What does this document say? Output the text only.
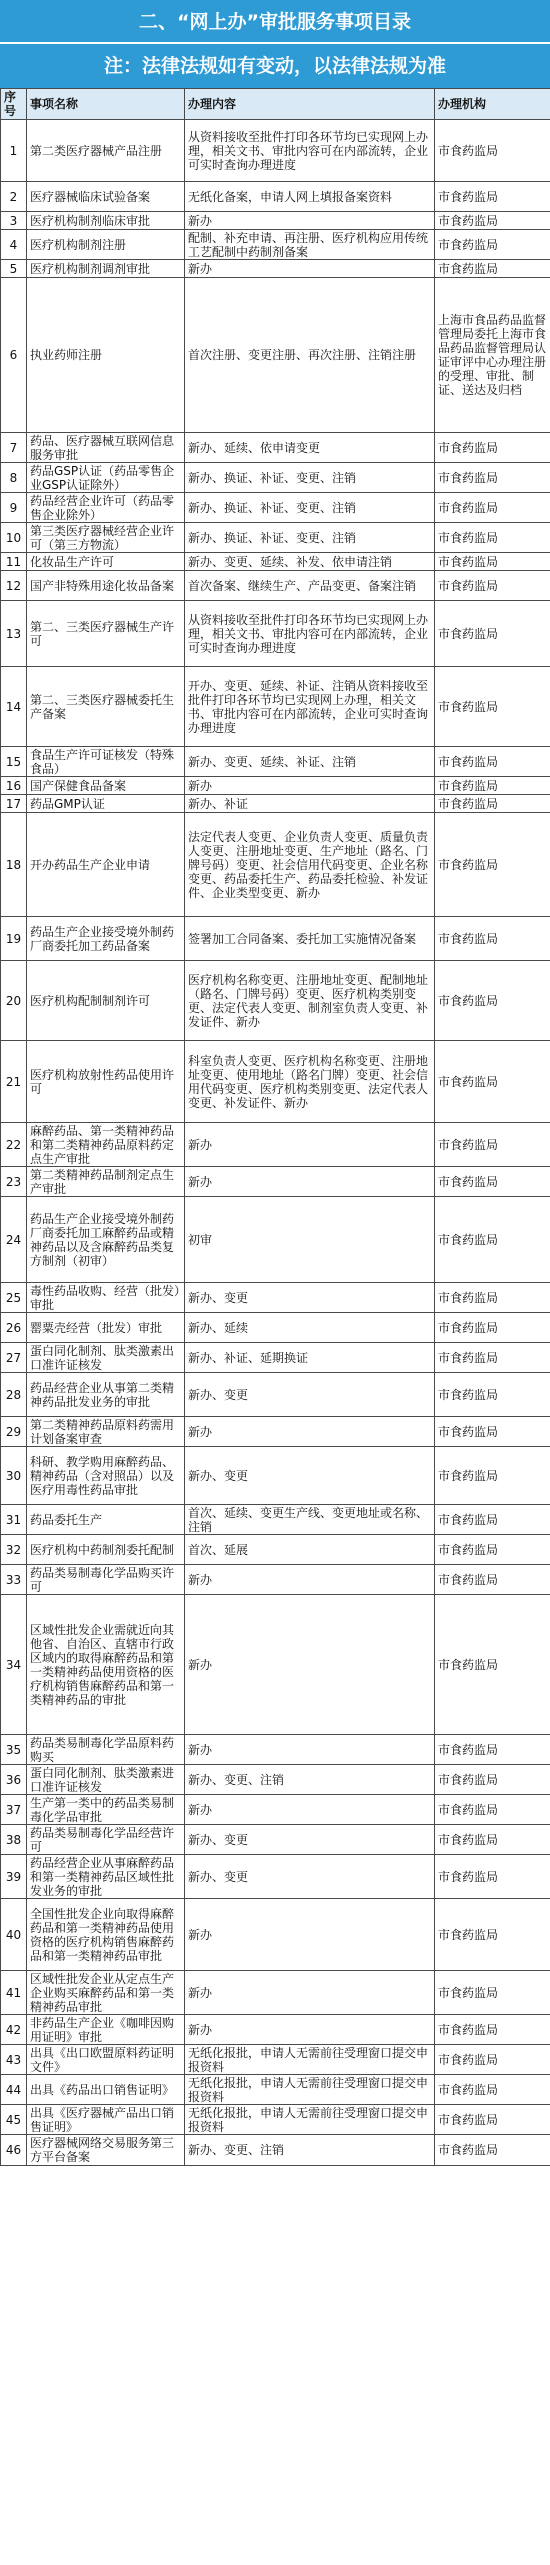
二、“网上办”审批服务事项目录
注：法律法规如有变动，以法律法规为准
序号	事项名称	办理内容	办理机构
1	第二类医疗器械产品注册	从资料接收至批件打印各环节均已实现网上办理，相关文书、审批内容可在内部流转，企业可实时查询办理进度	市食药监局
2	医疗器械临床试验备案	无纸化备案，申请人网上填报备案资料	市食药监局
3	医疗机构制剂临床审批	新办	市食药监局
4	医疗机构制剂注册	配制、补充申请、再注册、医疗机构应用传统工艺配制中药制剂备案	市食药监局
5	医疗机构制剂调剂审批	新办	市食药监局
6	执业药师注册	首次注册、变更注册、再次注册、注销注册	上海市食品药品监督管理局委托上海市食品药品监督管理局认证审评中心办理注册的受理、审批、制证、送达及归档
7	药品、医疗器械互联网信息服务审批	新办、延续、依申请变更	市食药监局
8	药品GSP认证（药品零售企业GSP认证除外）	新办、换证、补证、变更、注销	市食药监局
9	药品经营企业许可（药品零售企业除外）	新办、换证、补证、变更、注销	市食药监局
10	第三类医疗器械经营企业许可（第三方物流）	新办、换证、补证、变更、注销	市食药监局
11	化妆品生产许可	新办、变更、延续、补发、依申请注销	市食药监局
12	国产非特殊用途化妆品备案	首次备案、继续生产、产品变更、备案注销	市食药监局
13	第二、三类医疗器械生产许可	从资料接收至批件打印各环节均已实现网上办理，相关文书、审批内容可在内部流转，企业可实时查询办理进度	市食药监局
14	第二、三类医疗器械委托生产备案	开办、变更、延续、补证、注销从资料接收至批件打印各环节均已实现网上办理，相关文书、审批内容可在内部流转，企业可实时查询办理进度	市食药监局
15	食品生产许可证核发（特殊食品）	新办、变更、延续、补证、注销	市食药监局
16	国产保健食品备案	新办	市食药监局
17	药品GMP认证	新办、补证	市食药监局
18	开办药品生产企业申请	法定代表人变更、企业负责人变更、质量负责人变更、注册地址变更、生产地址（路名、门牌号码）变更、社会信用代码变更、企业名称变更、药品委托生产、药品委托检验、补发证件、企业类型变更、新办	市食药监局
19	药品生产企业接受境外制药厂商委托加工药品备案	签署加工合同备案、委托加工实施情况备案	市食药监局
20	医疗机构配制制剂许可	医疗机构名称变更、注册地址变更、配制地址（路名、门牌号码）变更、医疗机构类别变更、法定代表人变更、制剂室负责人变更、补发证件、新办	市食药监局
21	医疗机构放射性药品使用许可	科室负责人变更、医疗机构名称变更、注册地址变更、使用地址（路名门牌）变更、社会信用代码变更、医疗机构类别变更、法定代表人变更、补发证件、新办	市食药监局
22	麻醉药品、第一类精神药品和第二类精神药品原料药定点生产审批	新办	市食药监局
23	第二类精神药品制剂定点生产审批	新办	市食药监局
24	药品生产企业接受境外制药厂商委托加工麻醉药品或精神药品以及含麻醉药品类复方制剂（初审）	初审	市食药监局
25	毒性药品收购、经营（批发）审批	新办、变更	市食药监局
26	罂粟壳经营（批发）审批	新办、延续	市食药监局
27	蛋白同化制剂、肽类激素出口准许证核发	新办、补证、延期换证	市食药监局
28	药品经营企业从事第二类精神药品批发业务的审批	新办、变更	市食药监局
29	第二类精神药品原料药需用计划备案审查	新办	市食药监局
30	科研、教学购用麻醉药品、精神药品（含对照品）以及医疗用毒性药品审批	新办、变更	市食药监局
31	药品委托生产	首次、延续、变更生产线、变更地址或名称、注销	市食药监局
32	医疗机构中药制剂委托配制	首次、延展	市食药监局
33	药品类易制毒化学品购买许可	新办	市食药监局
34	区域性批发企业需就近向其他省、自治区、直辖市行政区域内的取得麻醉药品和第一类精神药品使用资格的医疗机构销售麻醉药品和第一类精神药品的审批	新办	市食药监局
35	药品类易制毒化学品原料药购买	新办	市食药监局
36	蛋白同化制剂、肽类激素进口准许证核发	新办、变更、注销	市食药监局
37	生产第一类中的药品类易制毒化学品审批	新办	市食药监局
38	药品类易制毒化学品经营许可	新办、变更	市食药监局
39	药品经营企业从事麻醉药品和第一类精神药品区域性批发业务的审批	新办、变更	市食药监局
40	全国性批发企业向取得麻醉药品和第一类精神药品使用资格的医疗机构销售麻醉药品和第一类精神药品审批	新办	市食药监局
41	区域性批发企业从定点生产企业购买麻醉药品和第一类精神药品审批	新办	市食药监局
42	非药品生产企业《咖啡因购用证明》审批	新办	市食药监局
43	出具《出口欧盟原料药证明文件》	无纸化报批，申请人无需前往受理窗口提交申报资料	市食药监局
44	出具《药品出口销售证明》	无纸化报批，申请人无需前往受理窗口提交申报资料	市食药监局
45	出具《医疗器械产品出口销售证明》	无纸化报批，申请人无需前往受理窗口提交申报资料	市食药监局
46	医疗器械网络交易服务第三方平台备案	新办、变更、注销	市食药监局
